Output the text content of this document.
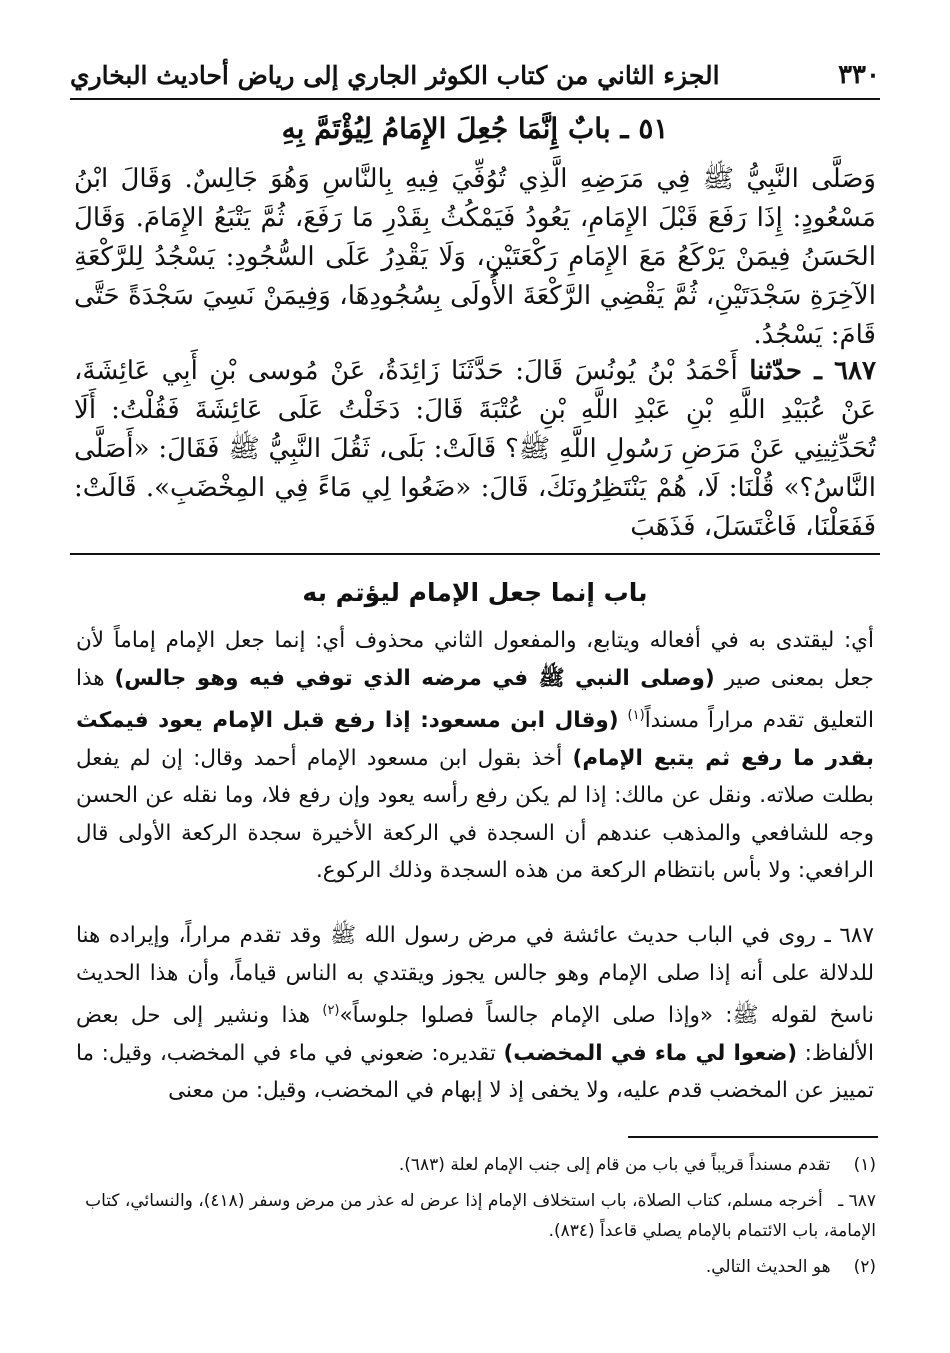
٣٣٠
الجزء الثاني من كتاب الكوثر الجاري إلى رياض أحاديث البخاري
٥١ ـ بابٌ إِنَّمَا جُعِلَ الإِمَامُ لِيُؤْتَمَّ بِهِ
وَصَلَّى النَّبِيُّ ﷺ فِي مَرَضِهِ الَّذِي تُوُفِّيَ فِيهِ بِالنَّاسِ وَهُوَ جَالِسٌ. وَقَالَ ابْنُ مَسْعُودٍ: إِذَا رَفَعَ قَبْلَ الإِمَامِ، يَعُودُ فَيَمْكُثُ بِقَدْرِ مَا رَفَعَ، ثُمَّ يَتْبَعُ الإِمَامَ. وَقَالَ الحَسَنُ فِيمَنْ يَرْكَعُ مَعَ الإِمَامِ رَكْعَتَيْنِ، وَلَا يَقْدِرُ عَلَى السُّجُودِ: يَسْجُدُ لِلرَّكْعَةِ الآخِرَةِ سَجْدَتَيْنِ، ثُمَّ يَقْضِي الرَّكْعَةَ الأُولَى بِسُجُودِهَا، وَفِيمَنْ نَسِيَ سَجْدَةً حَتَّى قَامَ: يَسْجُدُ.
٦٨٧ ـ حدّثنا أَحْمَدُ بْنُ يُونُسَ قَالَ: حَدَّثَنَا زَائِدَةُ، عَنْ مُوسى بْنِ أَبِي عَائِشَةَ، عَنْ عُبَيْدِ اللَّهِ بْنِ عَبْدِ اللَّهِ بْنِ عُتْبَةَ قَالَ: دَخَلْتُ عَلَى عَائِشَةَ فَقُلْتُ: أَلَا تُحَدِّثِينِي عَنْ مَرَضِ رَسُولِ اللَّهِ ﷺ؟ قَالَتْ: بَلَى، ثَقُلَ النَّبِيُّ ﷺ فَقَالَ: «أَصَلَّى النَّاسُ؟» قُلْنَا: لَا، هُمْ يَنْتَظِرُونَكَ، قَالَ: «ضَعُوا لِي مَاءً فِي المِخْضَبِ». قَالَتْ: فَفَعَلْنَا، فَاغْتَسَلَ، فَذَهَبَ
باب إنما جعل الإمام ليؤتم به

أي: ليقتدى به في أفعاله ويتابع، والمفعول الثاني محذوف أي: إنما جعل الإمام إماماً لأن جعل بمعنى صير (وصلى النبي ﷺ في مرضه الذي توفي فيه وهو جالس) هذا التعليق تقدم مراراً مسنداً$^{(١)}$ (وقال ابن مسعود: إذا رفع قبل الإمام يعود فيمكث بقدر ما رفع ثم يتبع الإمام) أخذ بقول ابن مسعود الإمام أحمد وقال: إن لم يفعل بطلت صلاته. ونقل عن مالك: إذا لم يكن رفع رأسه يعود وإن رفع فلا، وما نقله عن الحسن وجه للشافعي والمذهب عندهم أن السجدة في الركعة الأخيرة سجدة الركعة الأولى قال الرافعي: ولا بأس بانتظام الركعة من هذه السجدة وذلك الركوع.

٦٨٧ ـ روى في الباب حديث عائشة في مرض رسول الله ﷺ وقد تقدم مراراً، وإيراده هنا للدلالة على أنه إذا صلى الإمام وهو جالس يجوز ويقتدي به الناس قياماً، وأن هذا الحديث ناسخ لقوله ﷺ: «وإذا صلى الإمام جالساً فصلوا جلوساً»$^{(٢)}$ هذا ونشير إلى حل بعض الألفاظ: (ضعوا لي ماء في المخضب) تقديره: ضعوني في ماء في المخضب، وقيل: ما تمييز عن المخضب قدم عليه، ولا يخفى إذ لا إبهام في المخضب، وقيل: من معنى

(١) تقدم مسنداً قريباً في باب من قام إلى جنب الإمام لعلة (٦٨٣).
٦٨٧ ـ أخرجه مسلم، كتاب الصلاة، باب استخلاف الإمام إذا عرض له عذر من مرض وسفر (٤١٨)، والنسائي، كتاب الإمامة، باب الائتمام بالإمام يصلي قاعداً (٨٣٤).
(٢) هو الحديث التالي.
